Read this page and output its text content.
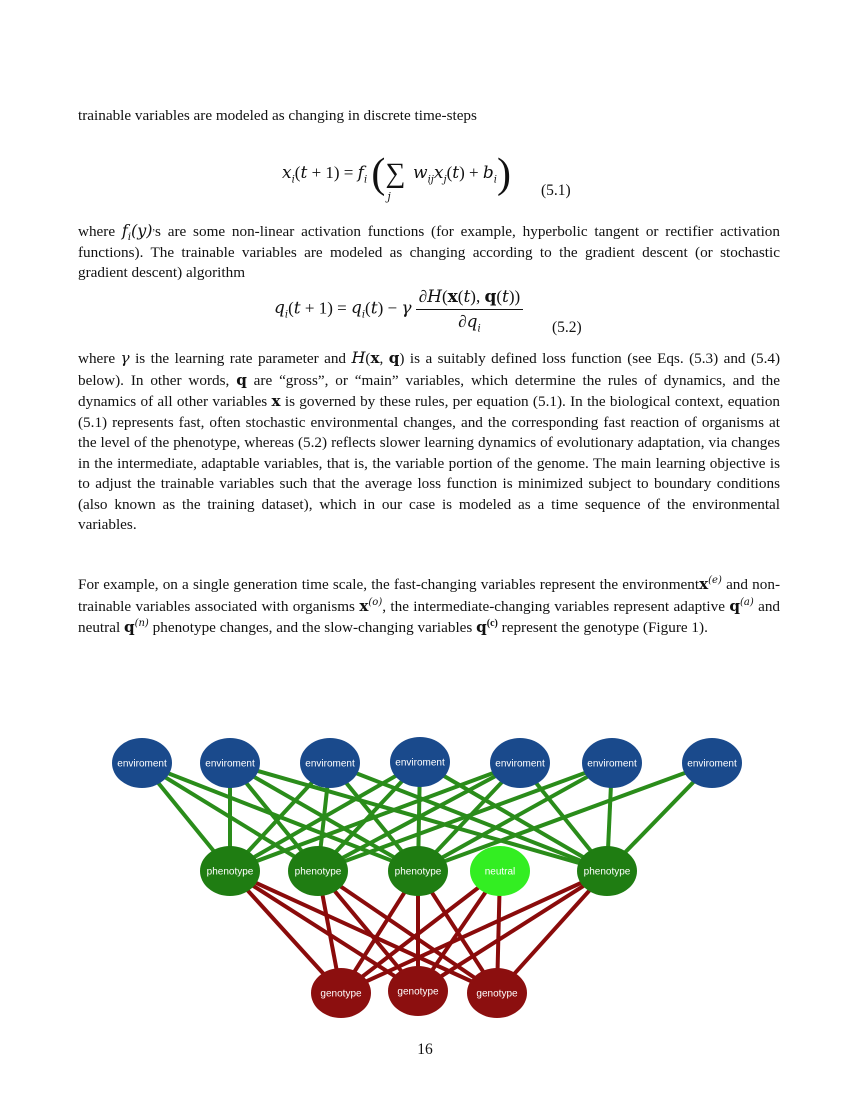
trainable variables are modeled as changing in discrete time-steps

$x_i(t + 1) = f_i$ ($\sum_j$ $w_{ij}x_j(t) + b_i$) (5.1)

where $f_i(y)^,s$ are some non-linear activation functions (for example, hyperbolic tangent or rectifier activation functions). The trainable variables are modeled as changing according to the gradient descent (or stochastic gradient descent) algorithm

$q_i(t + 1) = q_i(t) - \gamma \frac{\partial H(x(t), q(t))}{\partial q_i} (5.2)$

where γ is the learning rate parameter and H(x, q) is a suitably defined loss function (see Eqs. (5.3) and (5.4) below). In other words, q are “gross”, or “main” variables, which determine the rules of dynamics, and the dynamics of all other variables x is governed by these rules, per equation (5.1). In the biological context, equation (5.1) represents fast, often stochastic environmental changes, and the corresponding fast reaction of organisms at the level of the phenotype, whereas (5.2) reflects slower learning dynamics of evolutionary adaptation, via changes in the intermediate, adaptable variables, that is, the variable portion of the genome. The main learning objective is to adjust the trainable variables such that the average loss function is minimized subject to boundary conditions (also known as the training dataset), which in our case is modeled as a time sequence of the environmental variables.

For example, on a single generation time scale, the fast-changing variables represent the environmentx$^{(e)}$ and non-trainable variables associated with organisms $x^{(o)}$, the intermediate-changing variables represent adaptive $q^{(a)}$ and neutral $q^{(n)}$ phenotype changes, and the slow-changing variables $q^{(c)}$ represent the genotype (Figure 1).

enviroment	enviroment	enviroment	enviroment	enviroment	enviroment	enviroment
phenotype	phenotype	phenotype	neutral	phenotype
genotype	genotype	genotype
16
